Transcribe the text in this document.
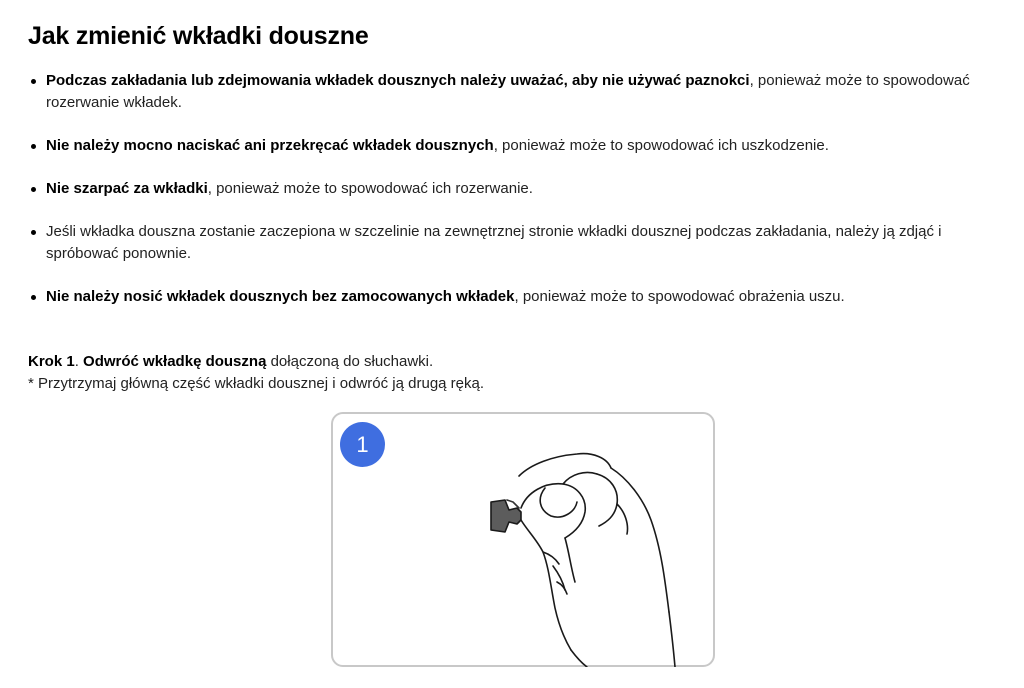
Jak zmienić wkładki douszne
Podczas zakładania lub zdejmowania wkładek dousznych należy uważać, aby nie używać paznokci, ponieważ może to spowodować rozerwanie wkładek.
Nie należy mocno naciskać ani przekręcać wkładek dousznych, ponieważ może to spowodować ich uszkodzenie.
Nie szarpać za wkładki, ponieważ może to spowodować ich rozerwanie.
Jeśli wkładka douszna zostanie zaczepiona w szczelinie na zewnętrznej stronie wkładki dousznej podczas zakładania, należy ją zdjąć i spróbować ponownie.
Nie należy nosić wkładek dousznych bez zamocowanych wkładek, ponieważ może to spowodować obrażenia uszu.
Krok 1. Odwróć wkładkę douszną dołączoną do słuchawki.
* Przytrzymaj główną część wkładki dousznej i odwróć ją drugą ręką.
1
